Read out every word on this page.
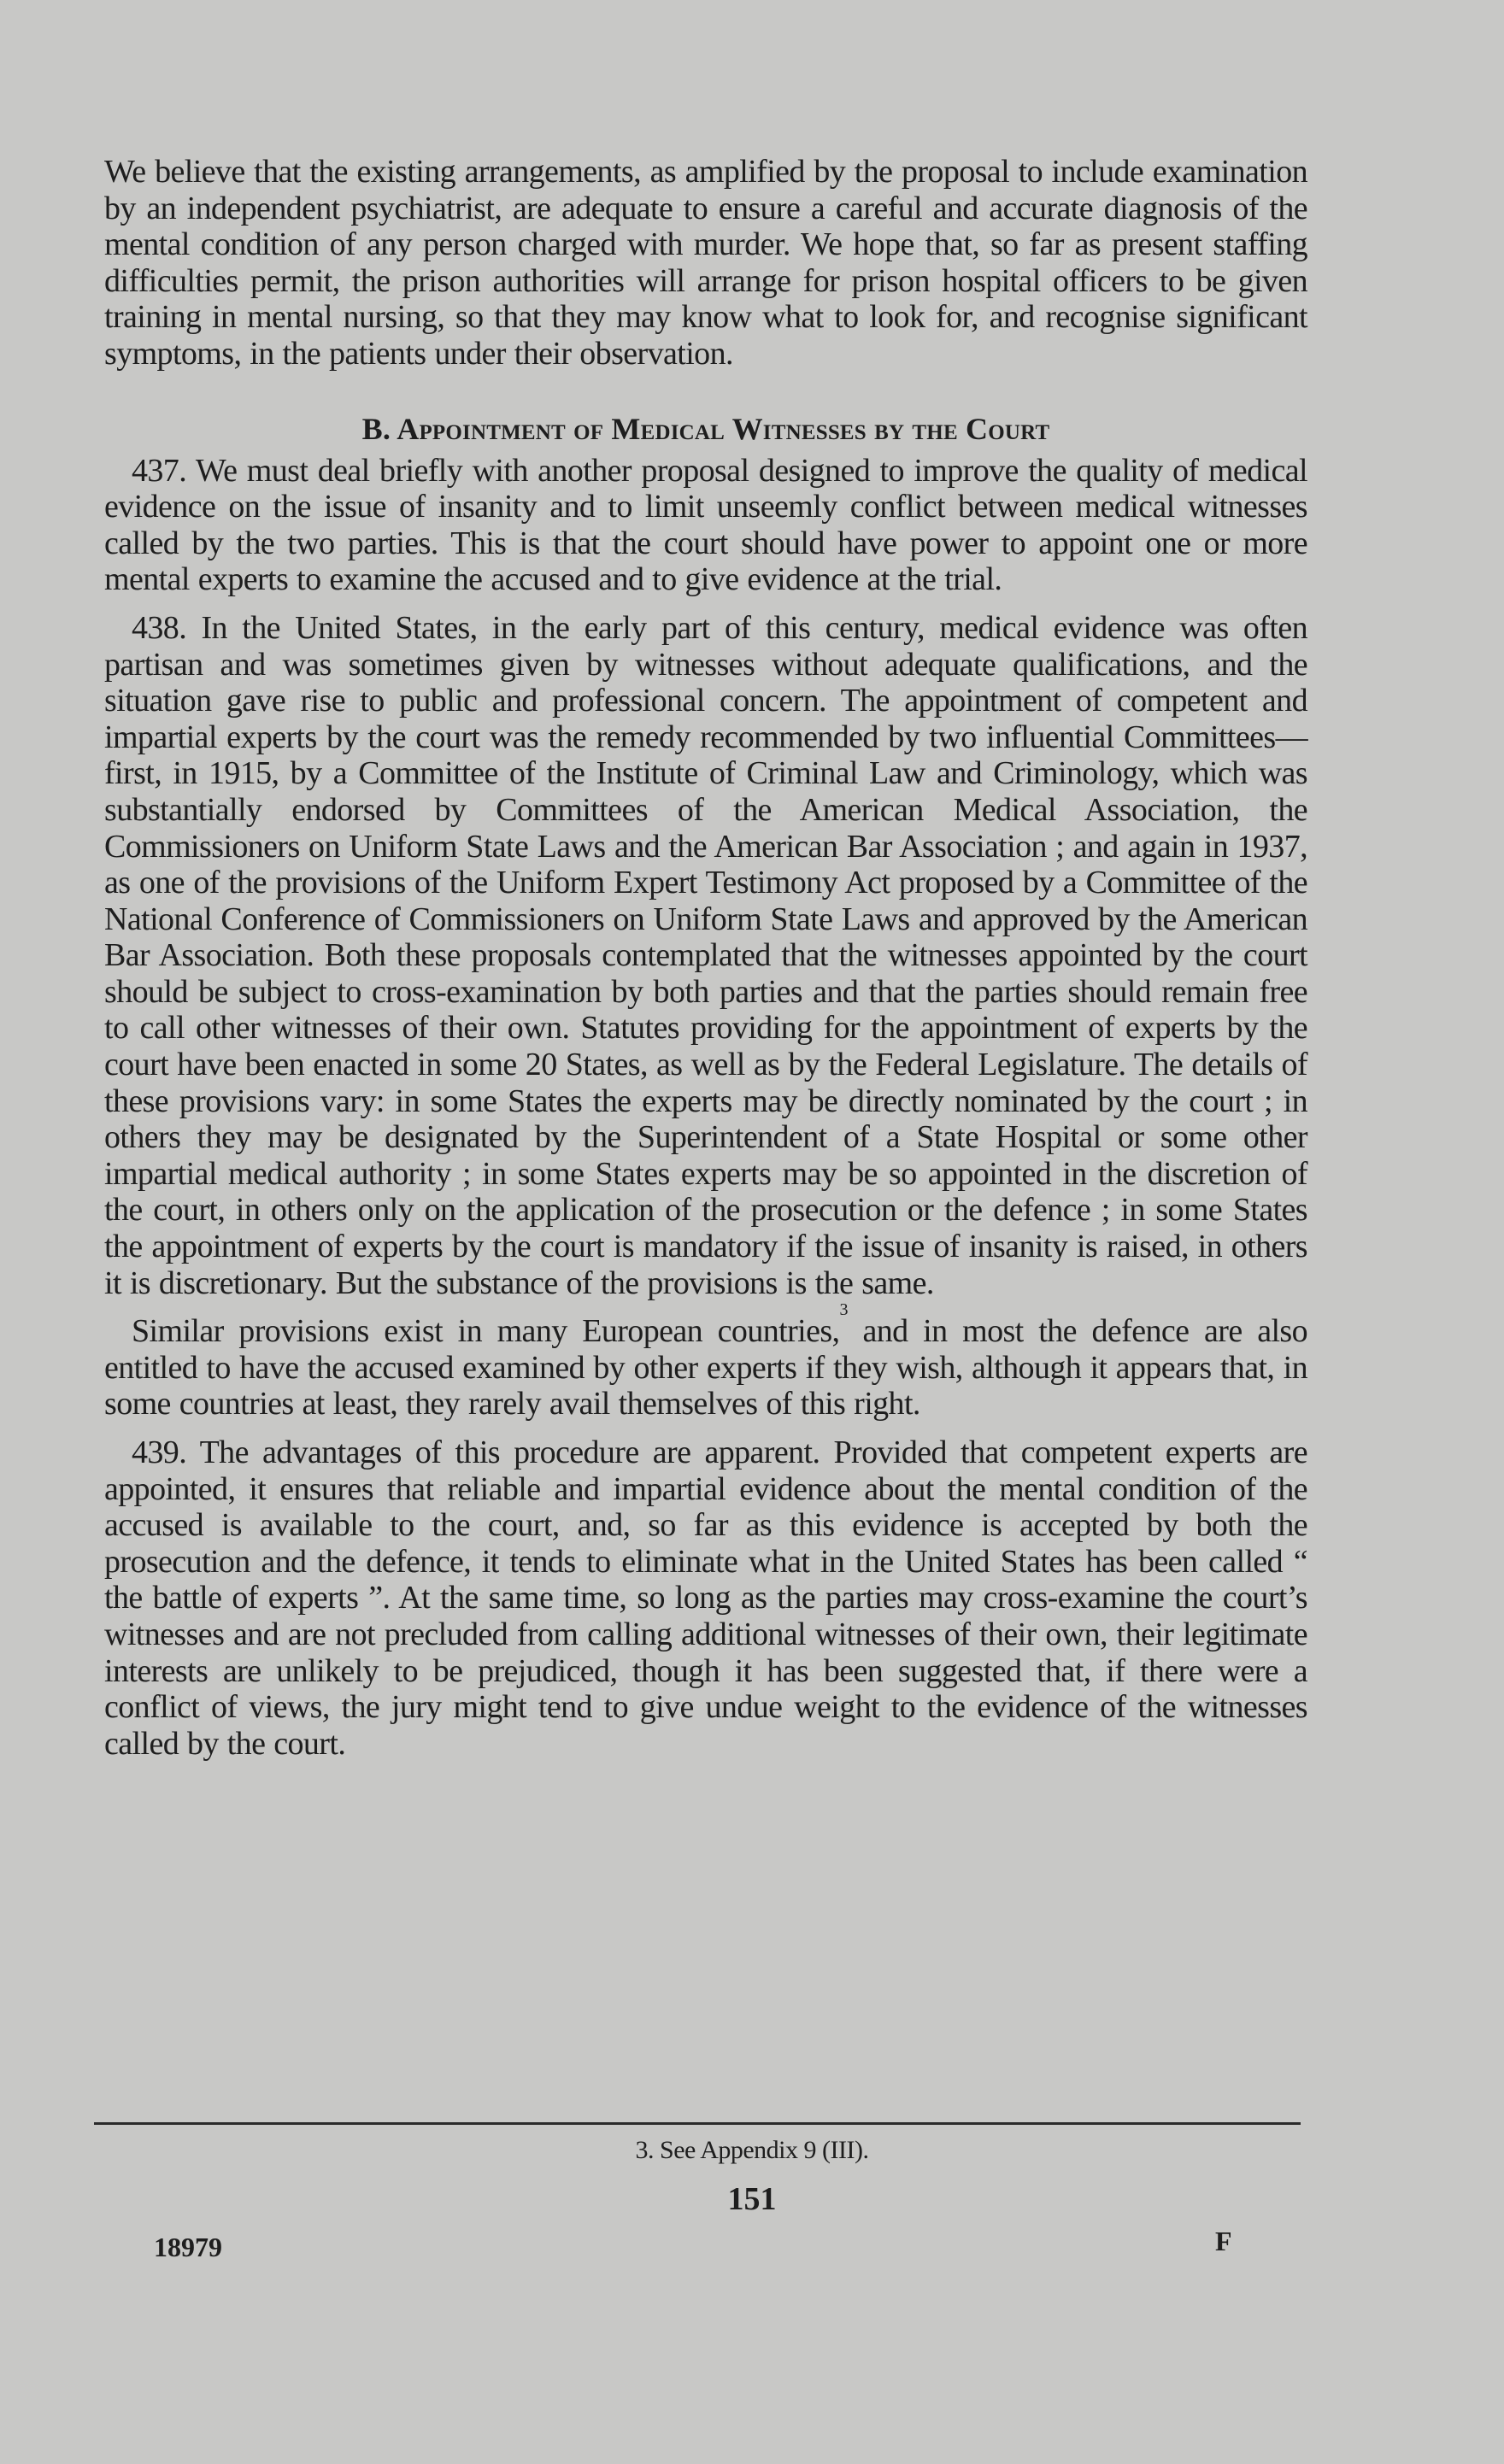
We believe that the existing arrangements, as amplified by the proposal to include examination by an independent psychiatrist, are adequate to ensure a careful and accurate diagnosis of the mental condition of any person charged with murder. We hope that, so far as present staffing difficulties permit, the prison authorities will arrange for prison hospital officers to be given training in mental nursing, so that they may know what to look for, and recognise significant symptoms, in the patients under their observation.

B. Appointment of Medical Witnesses by the Court

437. We must deal briefly with another proposal designed to improve the quality of medical evidence on the issue of insanity and to limit unseemly conflict between medical witnesses called by the two parties. This is that the court should have power to appoint one or more mental experts to examine the accused and to give evidence at the trial.

438. In the United States, in the early part of this century, medical evidence was often partisan and was sometimes given by witnesses without adequate qualifications, and the situation gave rise to public and professional concern. The appointment of competent and impartial experts by the court was the remedy recommended by two influential Committees—first, in 1915, by a Committee of the Institute of Criminal Law and Criminology, which was substantially endorsed by Committees of the American Medical Association, the Commissioners on Uniform State Laws and the American Bar Association ; and again in 1937, as one of the provisions of the Uniform Expert Testimony Act proposed by a Committee of the National Conference of Commissioners on Uniform State Laws and approved by the American Bar Association. Both these proposals contemplated that the witnesses appointed by the court should be subject to cross-examination by both parties and that the parties should remain free to call other witnesses of their own. Statutes providing for the appointment of experts by the court have been enacted in some 20 States, as well as by the Federal Legislature. The details of these provisions vary: in some States the experts may be directly nominated by the court ; in others they may be designated by the Superintendent of a State Hospital or some other impartial medical authority ; in some States experts may be so appointed in the discretion of the court, in others only on the application of the prosecution or the defence ; in some States the appointment of experts by the court is mandatory if the issue of insanity is raised, in others it is discretionary. But the substance of the provisions is the same.

Similar provisions exist in many European countries,$^3$ and in most the defence are also entitled to have the accused examined by other experts if they wish, although it appears that, in some countries at least, they rarely avail themselves of this right.

439. The advantages of this procedure are apparent. Provided that competent experts are appointed, it ensures that reliable and impartial evidence about the mental condition of the accused is available to the court, and, so far as this evidence is accepted by both the prosecution and the defence, it tends to eliminate what in the United States has been called “ the battle of experts ”. At the same time, so long as the parties may cross-examine the court’s witnesses and are not precluded from calling additional witnesses of their own, their legitimate interests are unlikely to be prejudiced, though it has been suggested that, if there were a conflict of views, the jury might tend to give undue weight to the evidence of the witnesses called by the court.

3. See Appendix 9 (III).
151
18979	F
